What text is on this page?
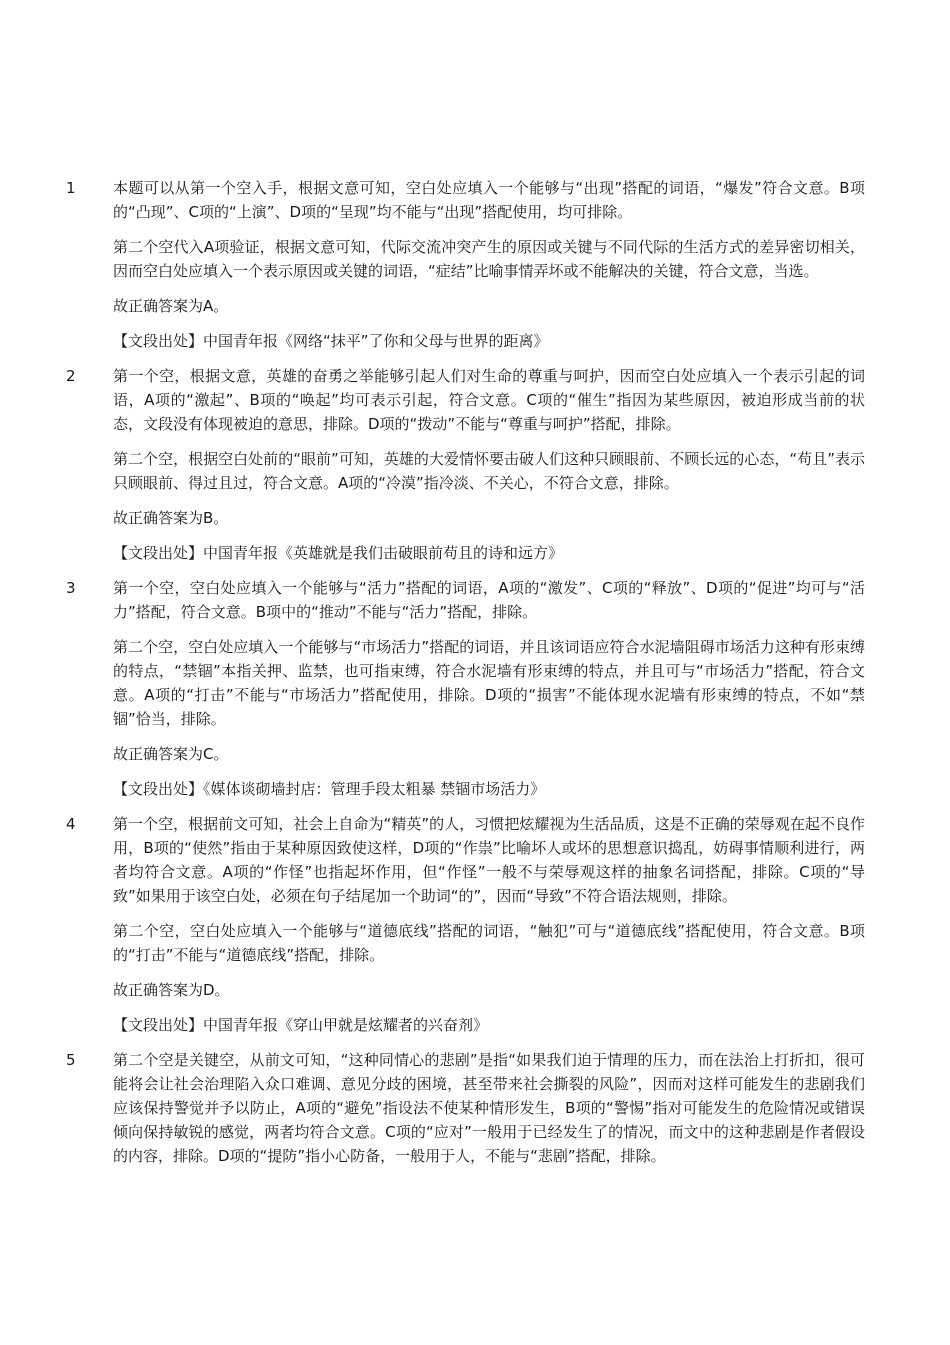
1 本题可以从第一个空入手，根据文意可知，空白处应填入一个能够与“出现”搭配的词语，“爆发”符合文意。B项的“凸现”、C项的“上演”、D项的“呈现”均不能与“出现”搭配使用，均可排除。

第二个空代入A项验证，根据文意可知，代际交流冲突产生的原因或关键与不同代际的生活方式的差异密切相关，因而空白处应填入一个表示原因或关键的词语，“症结”比喻事情弄坏或不能解决的关键，符合文意，当选。

故正确答案为A。

【文段出处】中国青年报《网络“抹平”了你和父母与世界的距离》

2 第一个空，根据文意，英雄的奋勇之举能够引起人们对生命的尊重与呵护，因而空白处应填入一个表示引起的词语，A项的“激起”、B项的“唤起”均可表示引起，符合文意。C项的“催生”指因为某些原因，被迫形成当前的状态，文段没有体现被迫的意思，排除。D项的“拨动”不能与“尊重与呵护”搭配，排除。

第二个空，根据空白处前的“眼前”可知，英雄的大爱情怀要击破人们这种只顾眼前、不顾长远的心态，“苟且”表示只顾眼前、得过且过，符合文意。A项的“冷漠”指冷淡、不关心，不符合文意，排除。

故正确答案为B。

【文段出处】中国青年报《英雄就是我们击破眼前苟且的诗和远方》

3 第一个空，空白处应填入一个能够与“活力”搭配的词语，A项的“激发”、C项的“释放”、D项的“促进”均可与“活力”搭配，符合文意。B项中的“推动”不能与“活力”搭配，排除。

第二个空，空白处应填入一个能够与“市场活力”搭配的词语，并且该词语应符合水泥墙阻碍市场活力这种有形束缚的特点，“禁锢”本指关押、监禁，也可指束缚，符合水泥墙有形束缚的特点，并且可与“市场活力”搭配，符合文意。A项的“打击”不能与“市场活力”搭配使用，排除。D项的“损害”不能体现水泥墙有形束缚的特点，不如“禁锢”恰当，排除。

故正确答案为C。

【文段出处】《媒体谈砌墙封店：管理手段太粗暴 禁锢市场活力》

4 第一个空，根据前文可知，社会上自命为“精英”的人，习惯把炫耀视为生活品质，这是不正确的荣辱观在起不良作用，B项的“使然”指由于某种原因致使这样，D项的“作祟”比喻坏人或坏的思想意识捣乱，妨碍事情顺利进行，两者均符合文意。A项的“作怪”也指起坏作用，但“作怪”一般不与荣辱观这样的抽象名词搭配，排除。C项的“导致”如果用于该空白处，必须在句子结尾加一个助词“的”，因而“导致”不符合语法规则，排除。

第二个空，空白处应填入一个能够与“道德底线”搭配的词语，“触犯”可与“道德底线”搭配使用，符合文意。B项的“打击”不能与“道德底线”搭配，排除。

故正确答案为D。

【文段出处】中国青年报《穿山甲就是炫耀者的兴奋剂》

5 第二个空是关键空，从前文可知，“这种同情心的悲剧”是指“如果我们迫于情理的压力，而在法治上打折扣，很可能将会让社会治理陷入众口难调、意见分歧的困境，甚至带来社会撕裂的风险”，因而对这样可能发生的悲剧我们应该保持警觉并予以防止，A项的“避免”指设法不使某种情形发生，B项的“警惕”指对可能发生的危险情况或错误倾向保持敏锐的感觉，两者均符合文意。C项的“应对”一般用于已经发生了的情况，而文中的这种悲剧是作者假设的内容，排除。D项的“提防”指小心防备，一般用于人，不能与“悲剧”搭配，排除。
